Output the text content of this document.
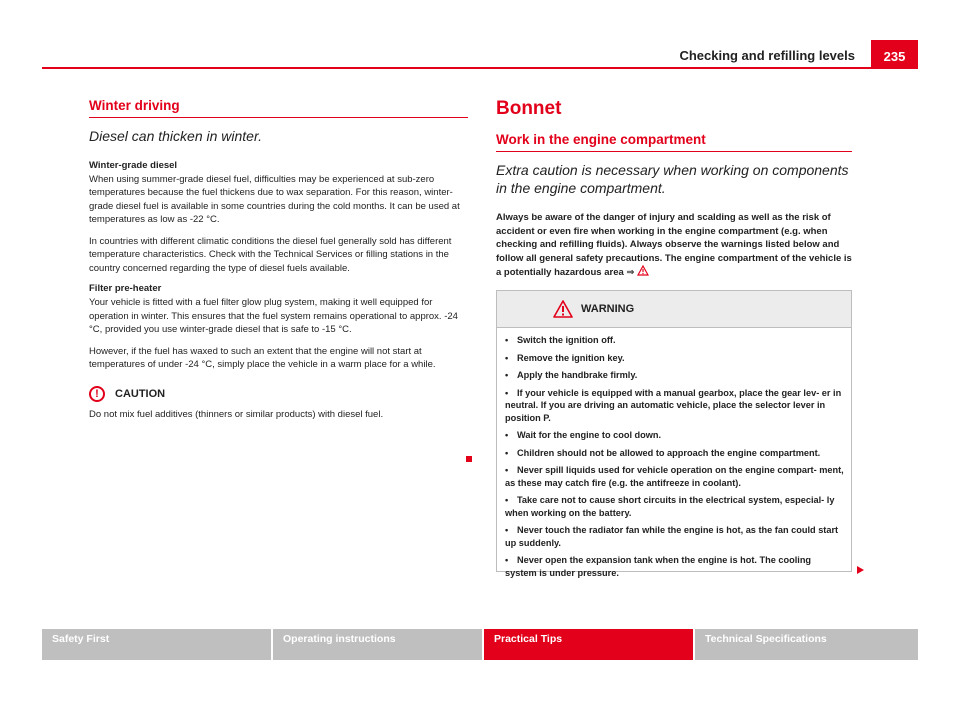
Checking and refilling levels	235
Winter driving
Diesel can thicken in winter.
Winter-grade diesel

When using summer-grade diesel fuel, difficulties may be experienced at sub-zero temperatures because the fuel thickens due to wax separation. For this reason, winter-grade diesel fuel is available in some countries during the cold months. It can be used at temperatures as low as -22 °C.

In countries with different climatic conditions the diesel fuel generally sold has different temperature characteristics. Check with the Technical Services or filling stations in the country concerned regarding the type of diesel fuels available.

Filter pre-heater

Your vehicle is fitted with a fuel filter glow plug system, making it well equipped for operation in winter. This ensures that the fuel system remains operational to approx. -24 °C, provided you use winter-grade diesel that is safe to -15 °C.

However, if the fuel has waxed to such an extent that the engine will not start at temperatures of under -24 °C, simply place the vehicle in a warm place for a while.

!	CAUTION

Do not mix fuel additives (thinners or similar products) with diesel fuel.

Bonnet
Work in the engine compartment
Extra caution is necessary when working on components in the engine compartment.
Always be aware of the danger of injury and scalding as well as the risk of accident or even fire when working in the engine compartment (e.g. when checking and refilling fluids). Always observe the warnings listed below and follow all general safety precautions. The engine compartment of the vehicle is a potentially hazardous area ⇒
WARNING
• Switch the ignition off.
• Remove the ignition key.
• Apply the handbrake firmly.
• If your vehicle is equipped with a manual gearbox, place the gear lev- er in neutral. If you are driving an automatic vehicle, place the selector lever in position P.
• Wait for the engine to cool down.
• Children should not be allowed to approach the engine compartment.
• Never spill liquids used for vehicle operation on the engine compart- ment, as these may catch fire (e.g. the antifreeze in coolant).
• Take care not to cause short circuits in the electrical system, especial- ly when working on the battery.
• Never touch the radiator fan while the engine is hot, as the fan could start up suddenly.
• Never open the expansion tank when the engine is hot. The cooling system is under pressure.
Safety First	Operating instructions	Practical Tips	Technical Specifications
